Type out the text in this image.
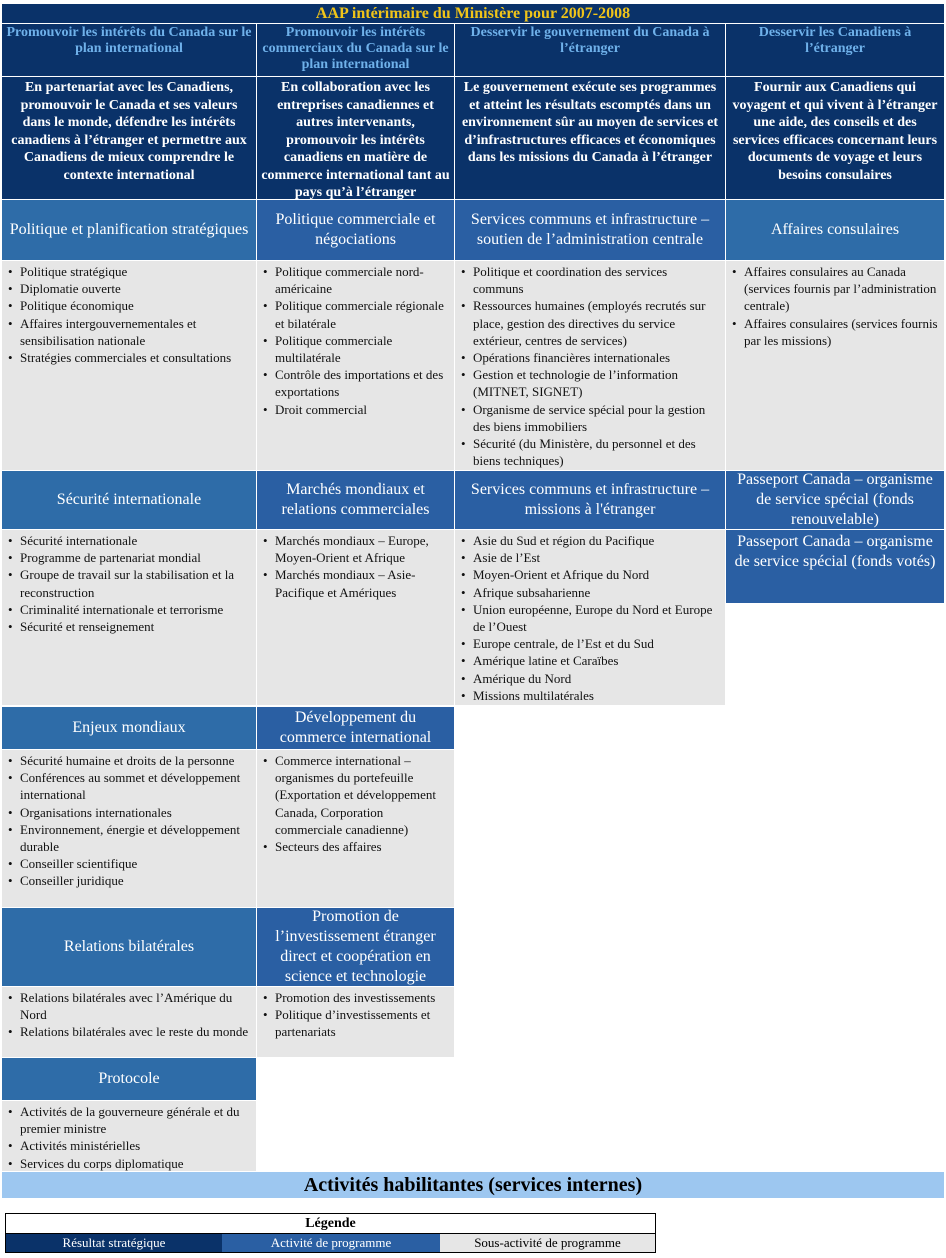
AAP intérimaire du Ministère pour 2007-2008
Promouvoir les intérêts du Canada sur le plan international
Promouvoir les intérêts commerciaux du Canada sur le plan international
Desservir le gouvernement du Canada à l’étranger
Desservir les Canadiens à l’étranger
En partenariat avec les Canadiens, promouvoir le Canada et ses valeurs dans le monde, défendre les intérêts canadiens à l’étranger et permettre aux Canadiens de mieux comprendre le contexte international
En collaboration avec les entreprises canadiennes et autres intervenants, promouvoir les intérêts canadiens en matière de commerce international tant au pays qu’à l’étranger
Le gouvernement exécute ses programmes et atteint les résultats escomptés dans un environnement sûr au moyen de services et d’infrastructures efficaces et économiques dans les missions du Canada à l’étranger
Fournir aux Canadiens qui voyagent et qui vivent à l’étranger une aide, des conseils et des services efficaces concernant leurs documents de voyage et leurs besoins consulaires
Politique et planification stratégiques
• Politique stratégique
• Diplomatie ouverte
• Politique économique
• Affaires intergouvernementales et sensibilisation nationale
• Stratégies commerciales et consultations
Sécurité internationale
• Sécurité internationale
• Programme de partenariat mondial
• Groupe de travail sur la stabilisation et la reconstruction
• Criminalité internationale et terrorisme
• Sécurité et renseignement
Enjeux mondiaux
• Sécurité humaine et droits de la personne
• Conférences au sommet et développement international
• Organisations internationales
• Environnement, énergie et développement durable
• Conseiller scientifique
• Conseiller juridique
Relations bilatérales
• Relations bilatérales avec l’Amérique du Nord
• Relations bilatérales avec le reste du monde
Protocole
• Activités de la gouverneure générale et du premier ministre
• Activités ministérielles
• Services du corps diplomatique
Politique commerciale et négociations
• Politique commerciale nord-américaine
• Politique commerciale régionale et bilatérale
• Politique commerciale multilatérale
• Contrôle des importations et des exportations
• Droit commercial
Marchés mondiaux et relations commerciales
• Marchés mondiaux – Europe, Moyen-Orient et Afrique
• Marchés mondiaux – Asie-Pacifique et Amériques
Développement du commerce international
• Commerce international – organismes du portefeuille (Exportation et développement Canada, Corporation commerciale canadienne)
• Secteurs des affaires
Promotion de l’investissement étranger direct et coopération en science et technologie
• Promotion des investissements
• Politique d’investissements et partenariats
Services communs et infrastructure – soutien de l’administration centrale
• Politique et coordination des services communs
• Ressources humaines (employés recrutés sur place, gestion des directives du service extérieur, centres de services)
• Opérations financières internationales
• Gestion et technologie de l’information (MITNET, SIGNET)
• Organisme de service spécial pour la gestion des biens immobiliers
• Sécurité (du Ministère, du personnel et des biens techniques)
Services communs et infrastructure – missions à l'étranger
• Asie du Sud et région du Pacifique
• Asie de l’Est
• Moyen-Orient et Afrique du Nord
• Afrique subsaharienne
• Union européenne, Europe du Nord et Europe de l’Ouest
• Europe centrale, de l’Est et du Sud
• Amérique latine et Caraïbes
• Amérique du Nord
• Missions multilatérales
Affaires consulaires
• Affaires consulaires au Canada (services fournis par l’administration centrale)
• Affaires consulaires (services fournis par les missions)
Passeport Canada – organisme de service spécial (fonds renouvelable)
Passeport Canada – organisme de service spécial (fonds votés)
Activités habilitantes (services internes)
Légende
Résultat stratégique	Activité de programme	Sous-activité de programme
